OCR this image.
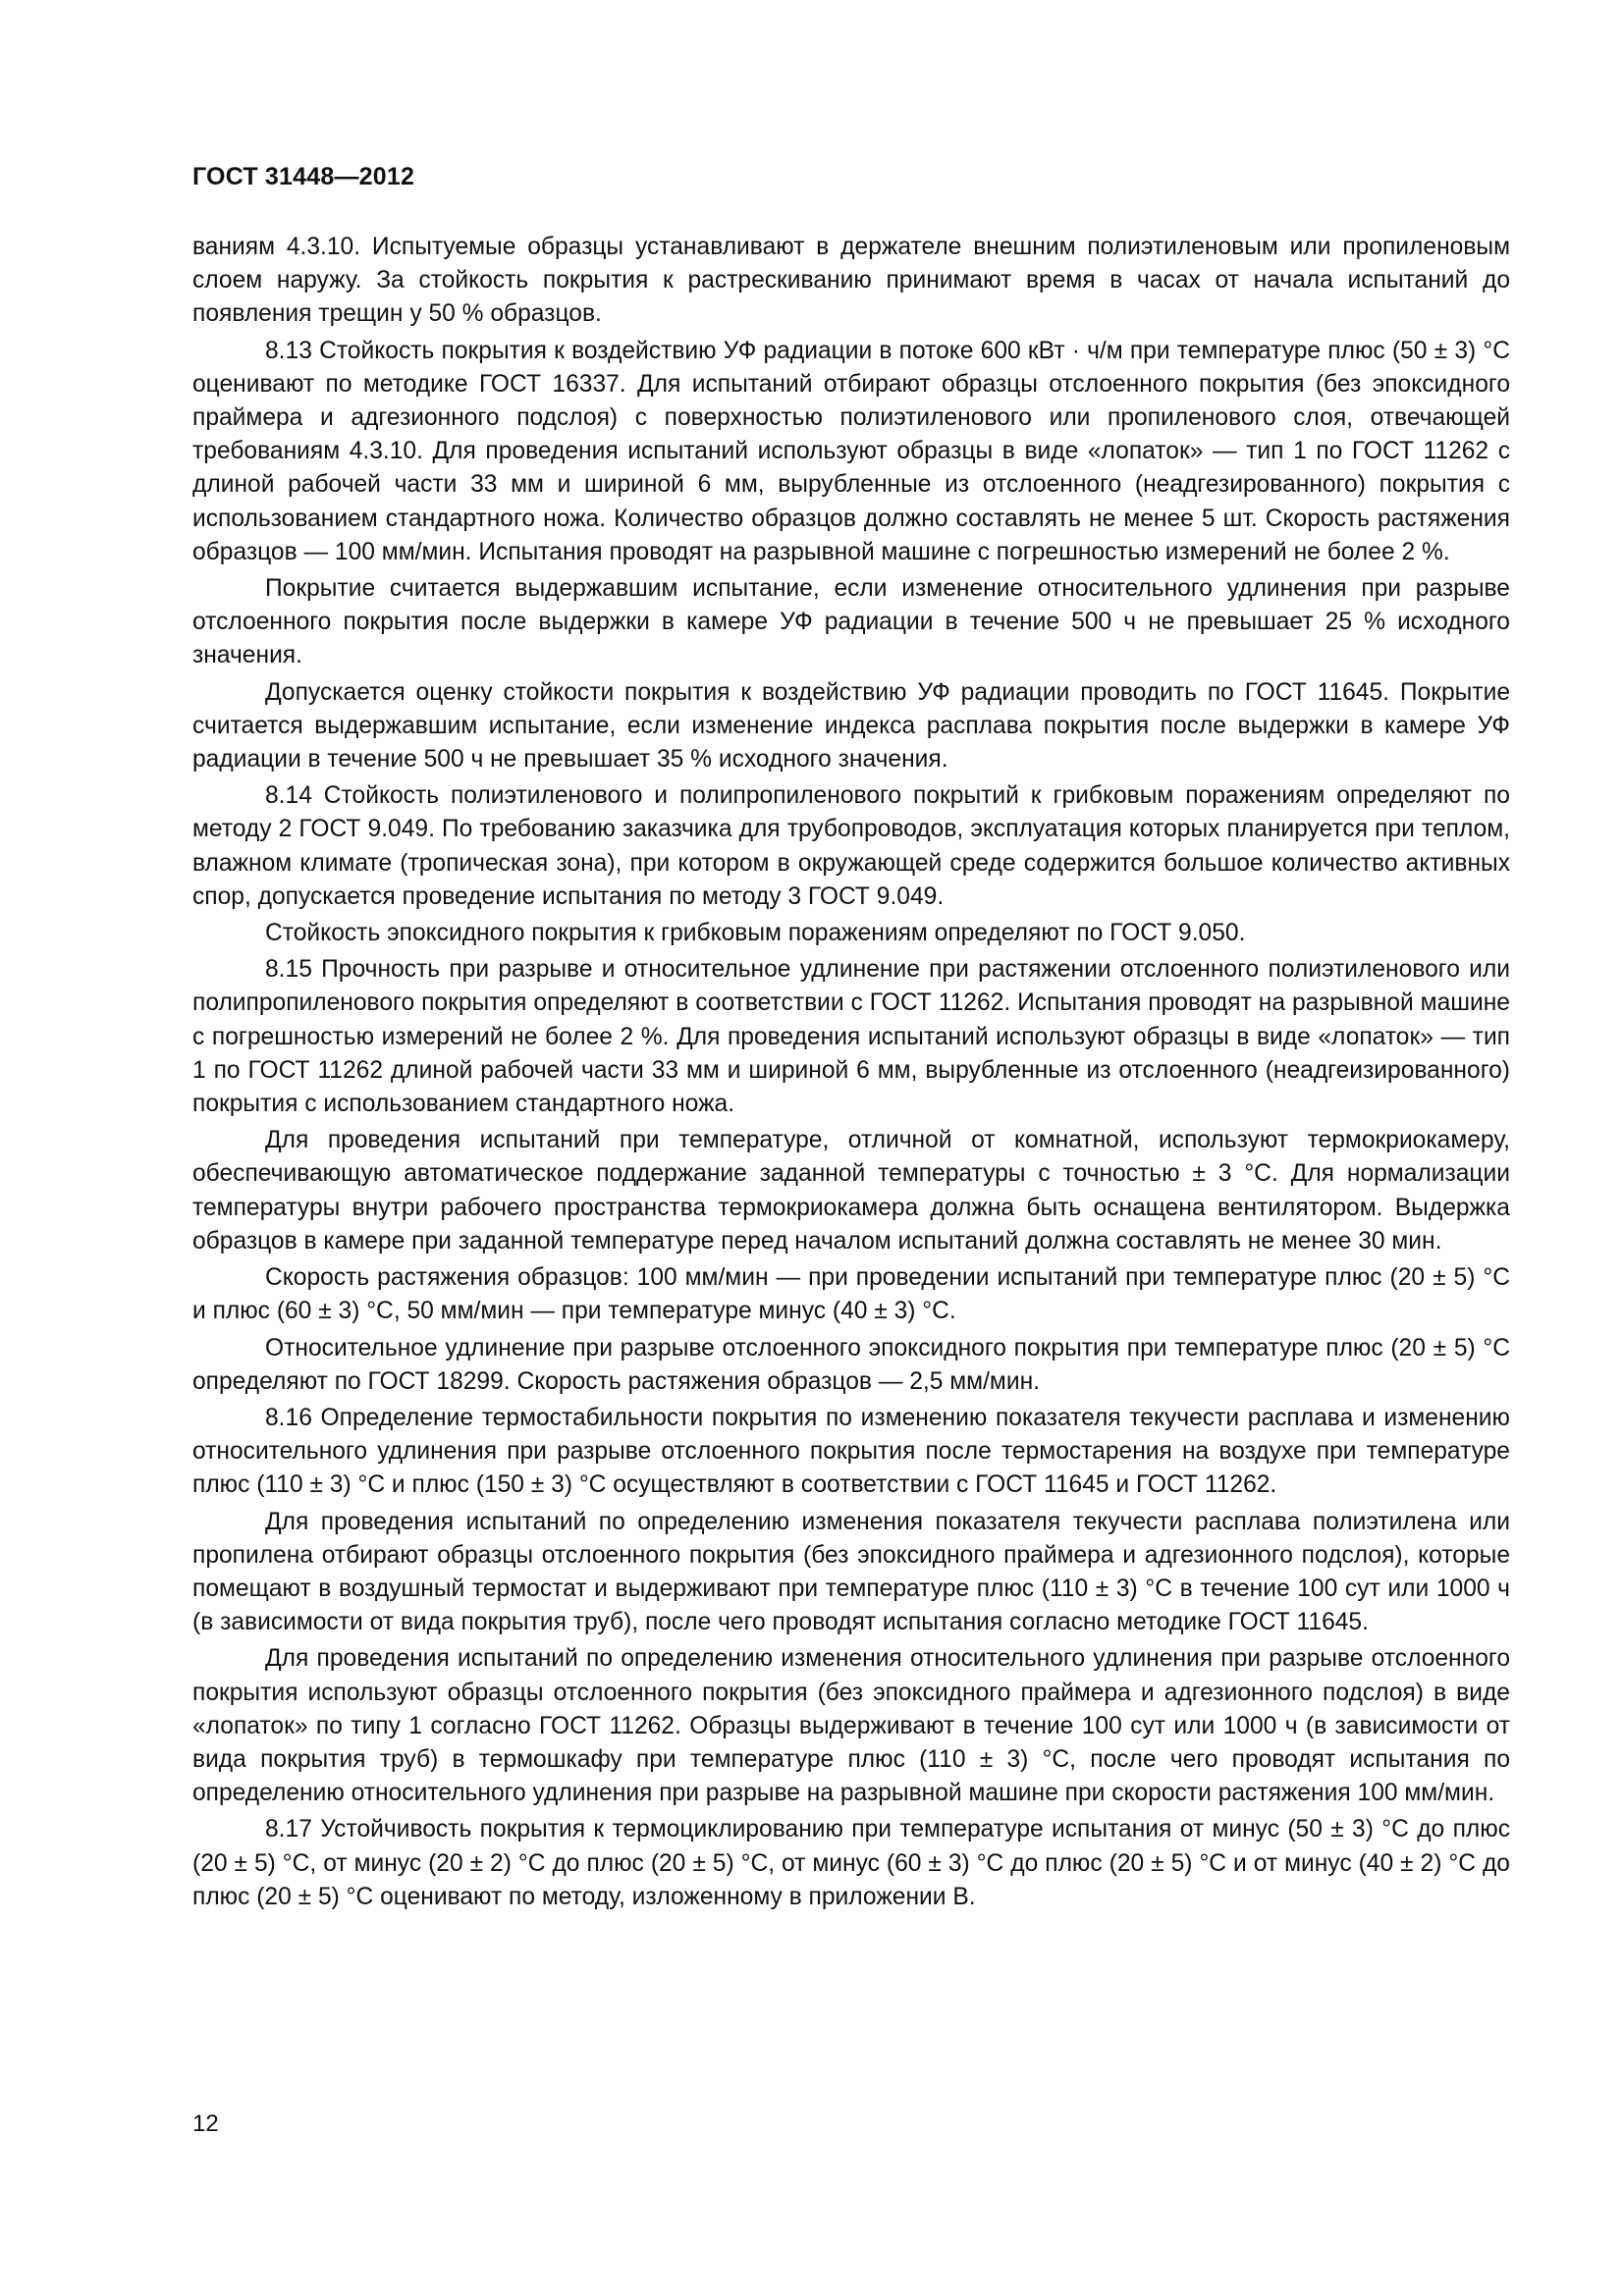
ГОСТ 31448—2012

ваниям 4.3.10. Испытуемые образцы устанавливают в держателе внешним полиэтиленовым или пропиленовым слоем наружу. За стойкость покрытия к растрескиванию принимают время в часах от начала испытаний до появления трещин у 50 % образцов.

8.13 Стойкость покрытия к воздействию УФ радиации в потоке 600 кВт · ч/м при температуре плюс (50 ± 3) °С оценивают по методике ГОСТ 16337. Для испытаний отбирают образцы отслоенного покрытия (без эпоксидного праймера и адгезионного подслоя) с поверхностью полиэтиленового или пропиленового слоя, отвечающей требованиям 4.3.10. Для проведения испытаний используют образцы в виде «лопаток» — тип 1 по ГОСТ 11262 с длиной рабочей части 33 мм и шириной 6 мм, вырубленные из отслоенного (неадгезированного) покрытия с использованием стандартного ножа. Количество образцов должно составлять не менее 5 шт. Скорость растяжения образцов — 100 мм/мин. Испытания проводят на разрывной машине с погрешностью измерений не более 2 %.

Покрытие считается выдержавшим испытание, если изменение относительного удлинения при разрыве отслоенного покрытия после выдержки в камере УФ радиации в течение 500 ч не превышает 25 % исходного значения.

Допускается оценку стойкости покрытия к воздействию УФ радиации проводить по ГОСТ 11645. Покрытие считается выдержавшим испытание, если изменение индекса расплава покрытия после выдержки в камере УФ радиации в течение 500 ч не превышает 35 % исходного значения.

8.14 Стойкость полиэтиленового и полипропиленового покрытий к грибковым поражениям определяют по методу 2 ГОСТ 9.049. По требованию заказчика для трубопроводов, эксплуатация которых планируется при теплом, влажном климате (тропическая зона), при котором в окружающей среде содержится большое количество активных спор, допускается проведение испытания по методу 3 ГОСТ 9.049.

Стойкость эпоксидного покрытия к грибковым поражениям определяют по ГОСТ 9.050.

8.15 Прочность при разрыве и относительное удлинение при растяжении отслоенного полиэтиленового или полипропиленового покрытия определяют в соответствии с ГОСТ 11262. Испытания проводят на разрывной машине с погрешностью измерений не более 2 %. Для проведения испытаний используют образцы в виде «лопаток» — тип 1 по ГОСТ 11262 длиной рабочей части 33 мм и шириной 6 мм, вырубленные из отслоенного (неадгеизированного) покрытия с использованием стандартного ножа.

Для проведения испытаний при температуре, отличной от комнатной, используют термокриокамеру, обеспечивающую автоматическое поддержание заданной температуры с точностью ± 3 °С. Для нормализации температуры внутри рабочего пространства термокриокамера должна быть оснащена вентилятором. Выдержка образцов в камере при заданной температуре перед началом испытаний должна составлять не менее 30 мин.

Скорость растяжения образцов: 100 мм/мин — при проведении испытаний при температуре плюс (20 ± 5) °С и плюс (60 ± 3) °С, 50 мм/мин — при температуре минус (40 ± 3) °С.

Относительное удлинение при разрыве отслоенного эпоксидного покрытия при температуре плюс (20 ± 5) °С определяют по ГОСТ 18299. Скорость растяжения образцов — 2,5 мм/мин.

8.16 Определение термостабильности покрытия по изменению показателя текучести расплава и изменению относительного удлинения при разрыве отслоенного покрытия после термостарения на воздухе при температуре плюс (110 ± 3) °С и плюс (150 ± 3) °С осуществляют в соответствии с ГОСТ 11645 и ГОСТ 11262.

Для проведения испытаний по определению изменения показателя текучести расплава полиэтилена или пропилена отбирают образцы отслоенного покрытия (без эпоксидного праймера и адгезионного подслоя), которые помещают в воздушный термостат и выдерживают при температуре плюс (110 ± 3) °С в течение 100 сут или 1000 ч (в зависимости от вида покрытия труб), после чего проводят испытания согласно методике ГОСТ 11645.

Для проведения испытаний по определению изменения относительного удлинения при разрыве отслоенного покрытия используют образцы отслоенного покрытия (без эпоксидного праймера и адгезионного подслоя) в виде «лопаток» по типу 1 согласно ГОСТ 11262. Образцы выдерживают в течение 100 сут или 1000 ч (в зависимости от вида покрытия труб) в термошкафу при температуре плюс (110 ± 3) °С, после чего проводят испытания по определению относительного удлинения при разрыве на разрывной машине при скорости растяжения 100 мм/мин.

8.17 Устойчивость покрытия к термоциклированию при температуре испытания от минус (50 ± 3) °С до плюс (20 ± 5) °С, от минус (20 ± 2) °С до плюс (20 ± 5) °С, от минус (60 ± 3) °С до плюс (20 ± 5) °С и от минус (40 ± 2) °С до плюс (20 ± 5) °С оценивают по методу, изложенному в приложении В.

12
